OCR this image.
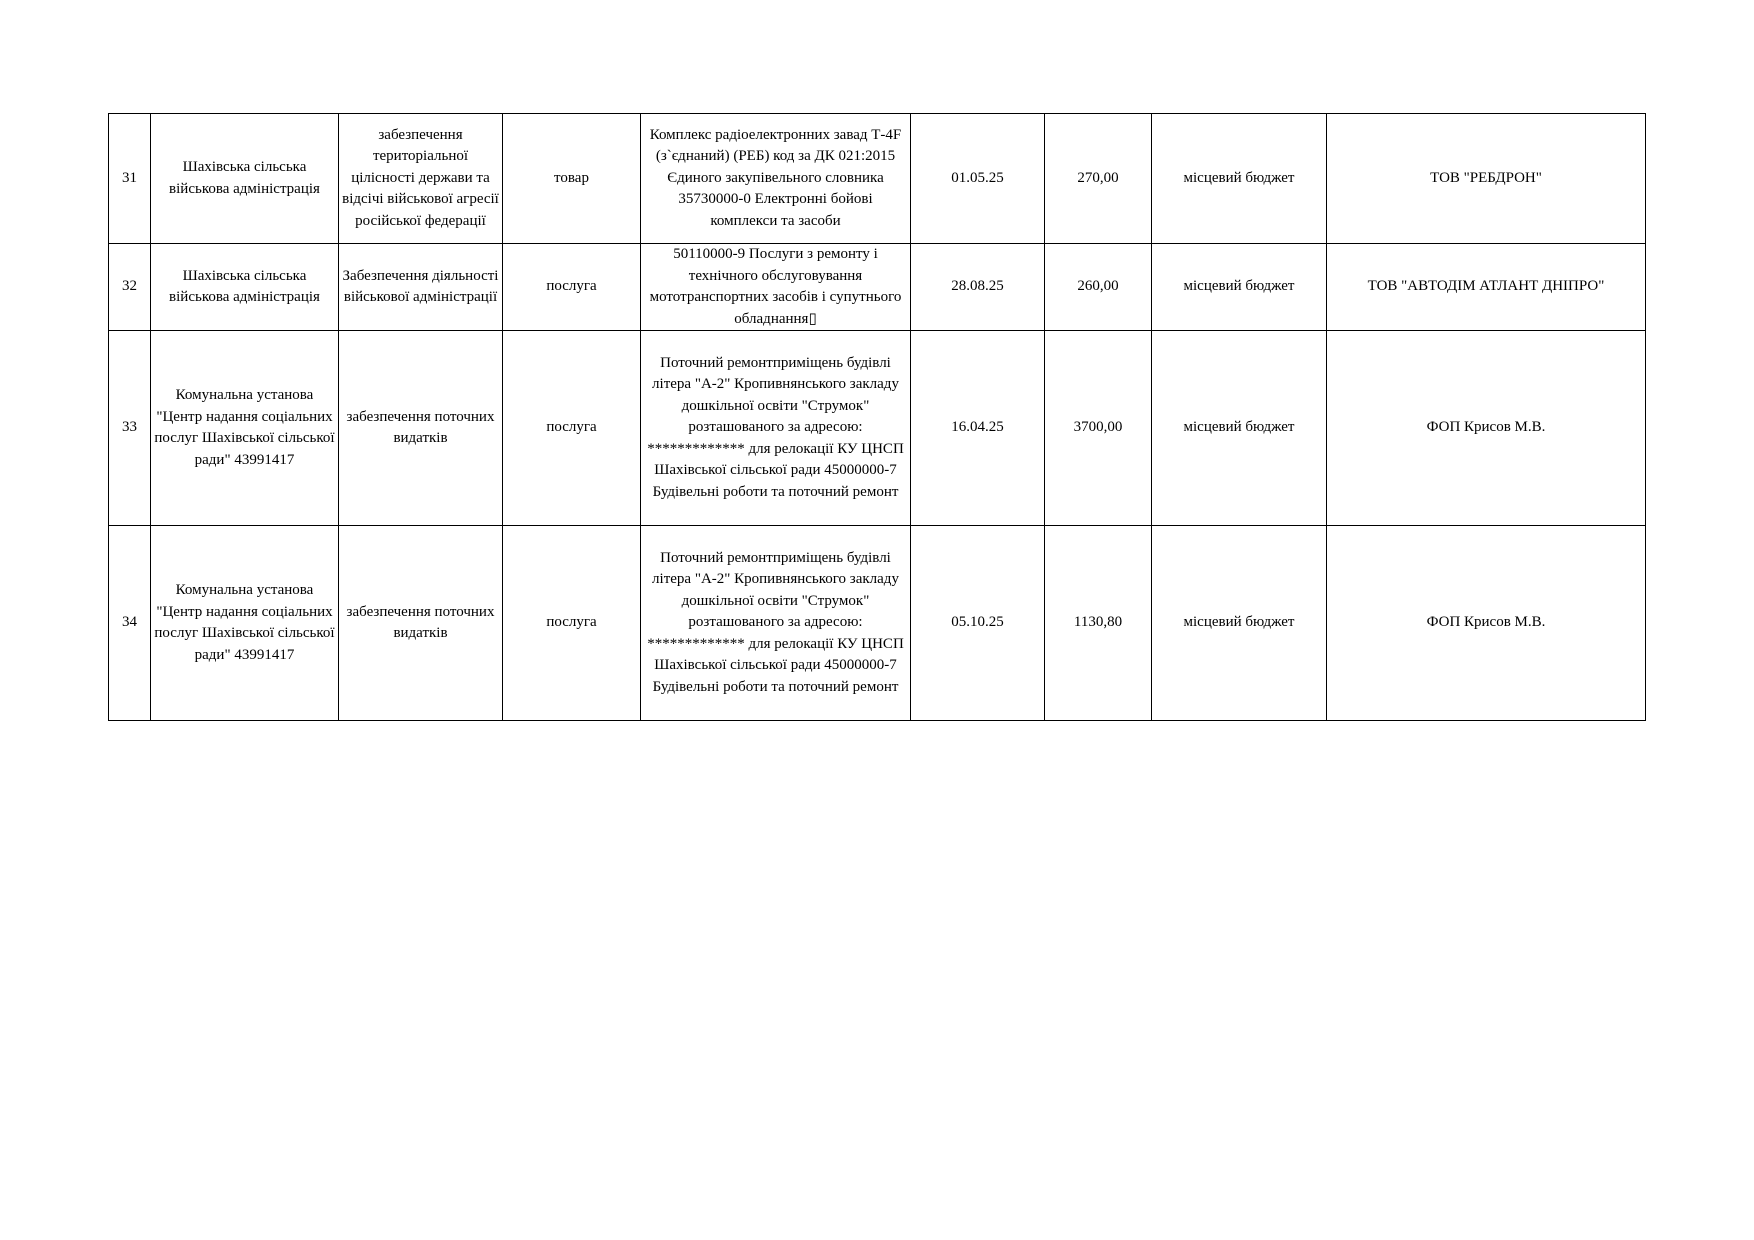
31	Шахівська сільська військова адміністрація	забезпечення територіальної цілісності держави та відсічі військової агресії російської федерації	товар	Комплекс радіоелектронних завад Т-4F (з`єднаний) (РЕБ) код за ДК 021:2015 Єдиного закупівельного словника 35730000-0 Електронні бойові комплекси та засоби	01.05.25	270,00	місцевий бюджет	ТОВ "РЕБДРОН"
32	Шахівська сільська військова адміністрація	Забезпечення діяльності військової адміністрації	послуга	50110000-9 Послуги з ремонту і технічного обслуговування мототранспортних засобів і супутнього обладнання▯	28.08.25	260,00	місцевий бюджет	ТОВ "АВТОДІМ АТЛАНТ ДНІПРО"
33	Комунальна установа "Центр надання соціальних послуг Шахівської сільської ради" 43991417	забезпечення поточних видатків	послуга	Поточний ремонтприміщень будівлі літера "А-2" Кропивнянського закладу дошкільної освіти "Струмок" розташованого за адресою: ************* для релокації КУ ЦНСП Шахівської сільської ради 45000000-7 Будівельні роботи та поточний ремонт	16.04.25	3700,00	місцевий бюджет	ФОП Крисов М.В.
34	Комунальна установа "Центр надання соціальних послуг Шахівської сільської ради" 43991417	забезпечення поточних видатків	послуга	Поточний ремонтприміщень будівлі літера "А-2" Кропивнянського закладу дошкільної освіти "Струмок" розташованого за адресою: ************* для релокації КУ ЦНСП Шахівської сільської ради 45000000-7 Будівельні роботи та поточний ремонт	05.10.25	1130,80	місцевий бюджет	ФОП Крисов М.В.
